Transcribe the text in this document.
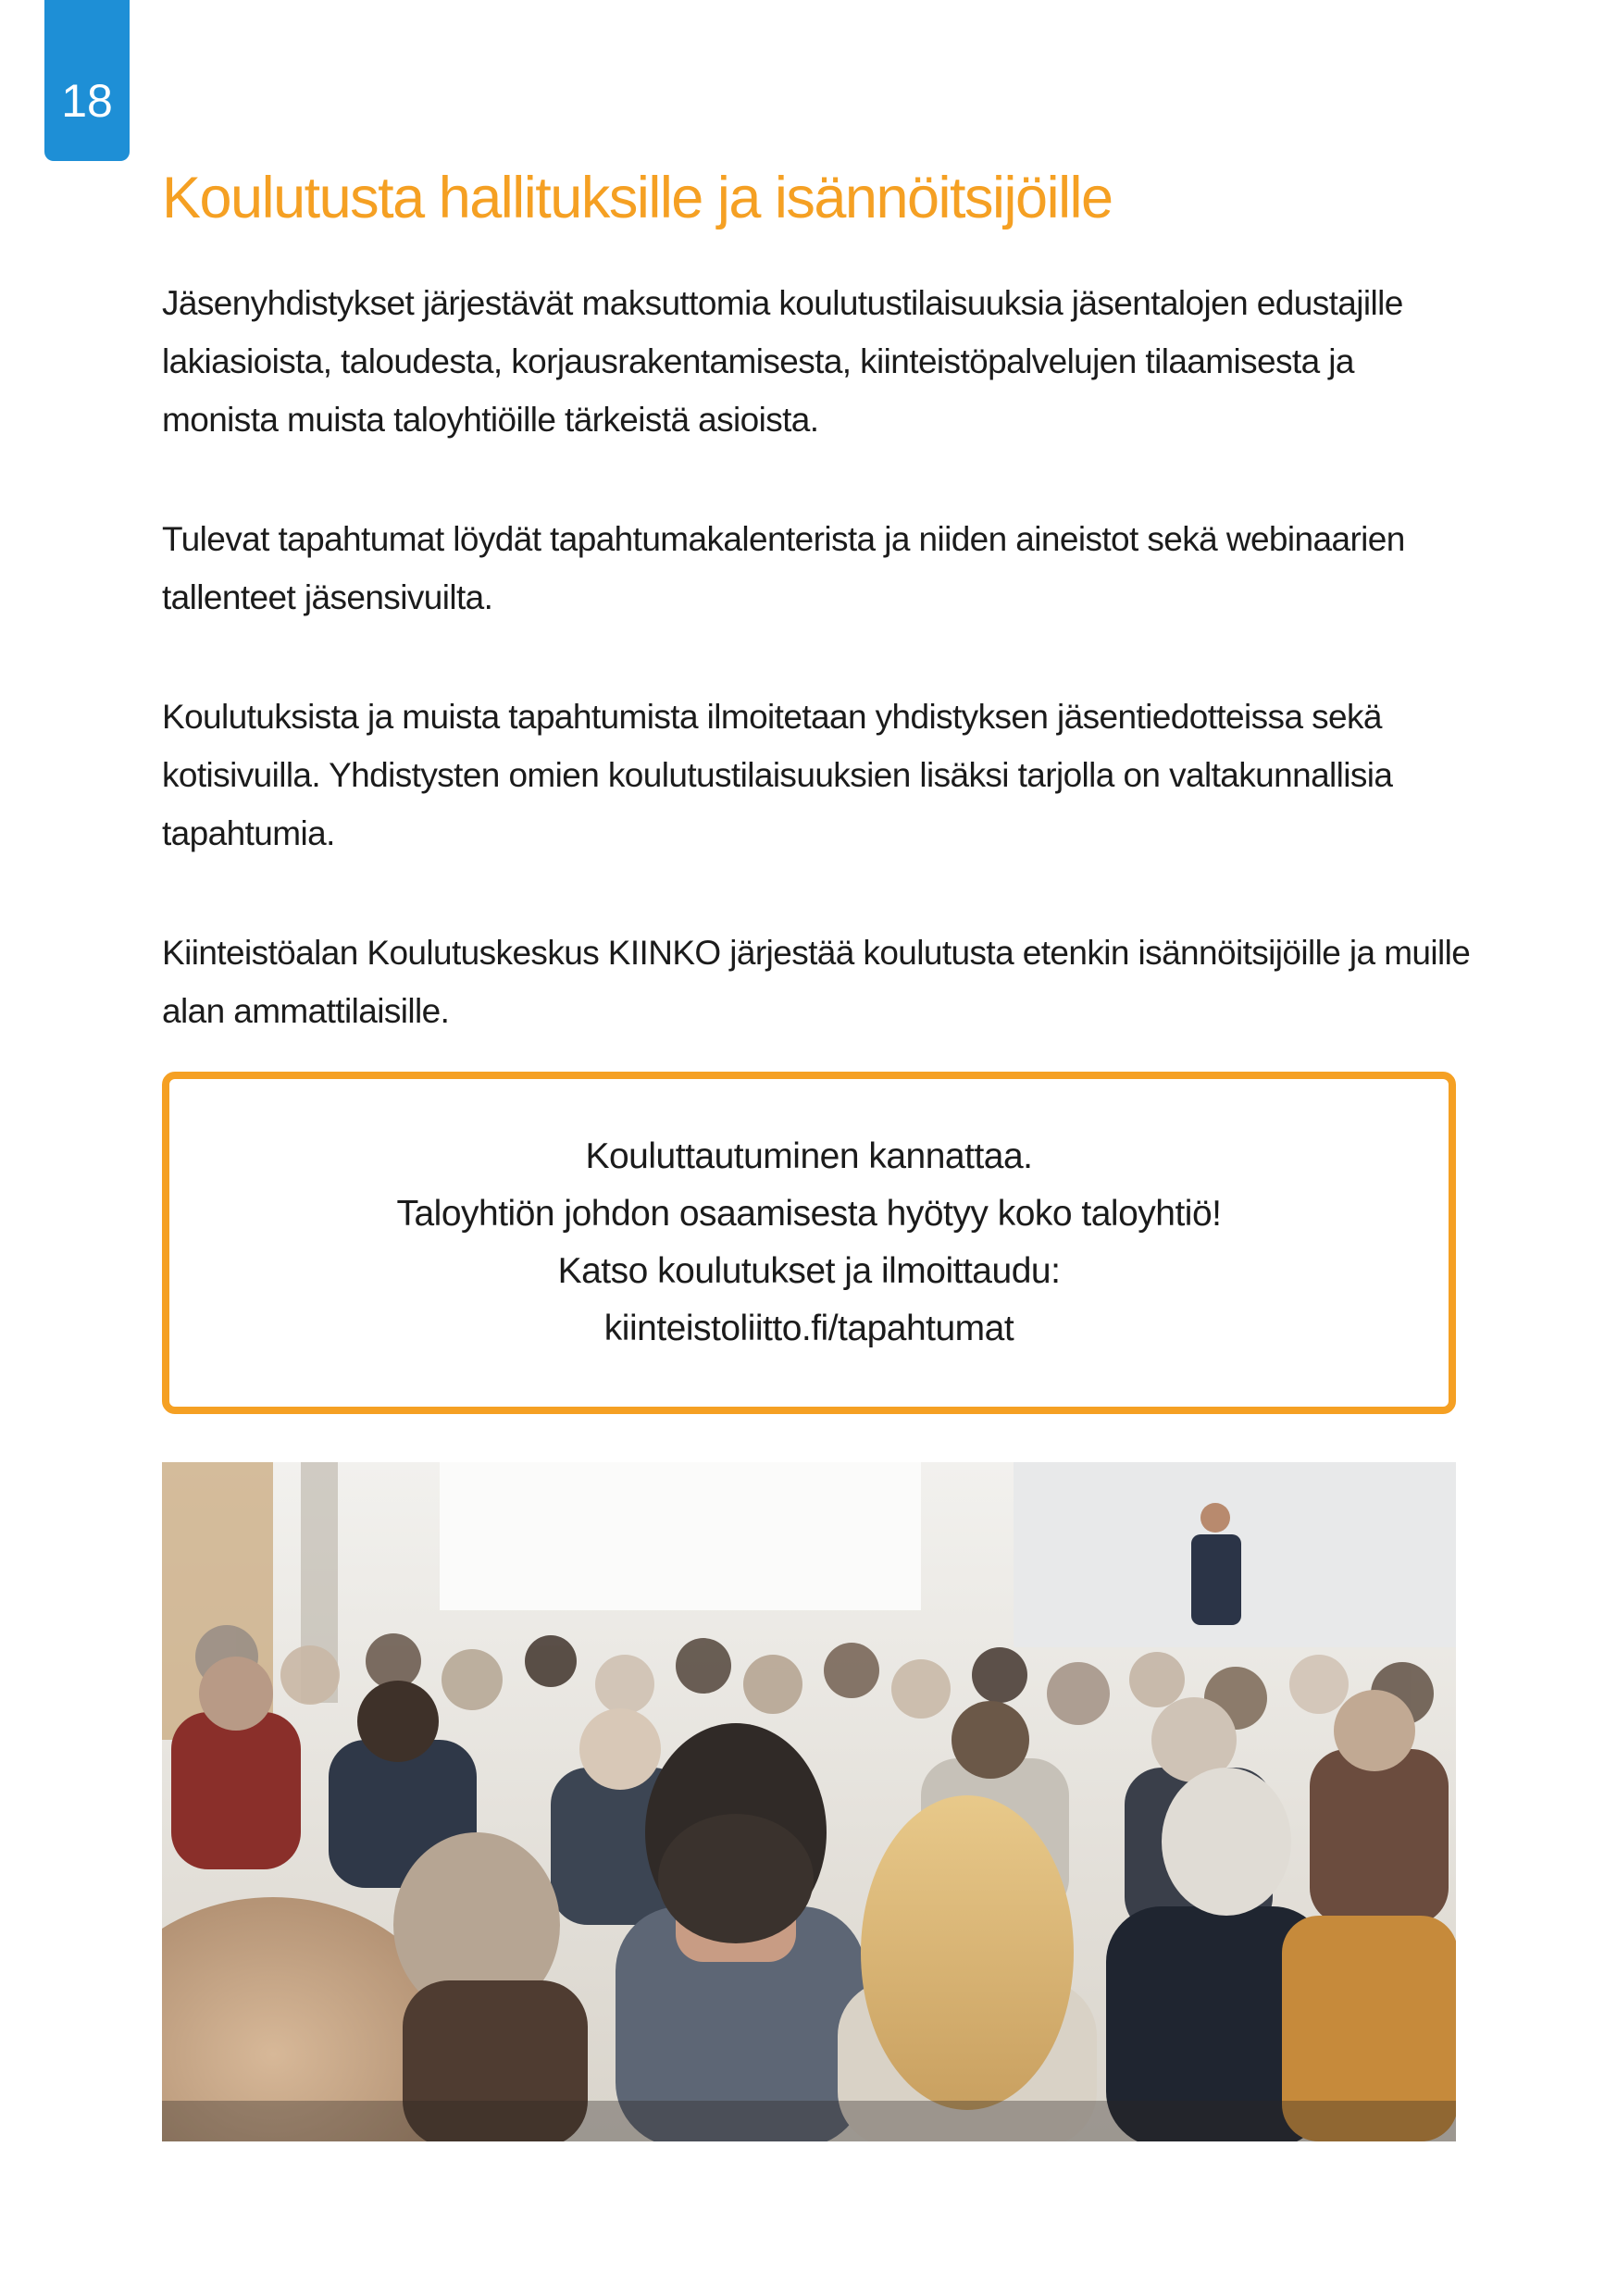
18
Koulutusta hallituksille ja isännöitsijöille

Jäsenyhdistykset järjestävät maksuttomia koulutustilaisuuksia jäsentalojen edustajille lakiasioista, taloudesta, korjausrakentamisesta, kiinteistöpalvelujen tilaamisesta ja monista muista taloyhtiöille tärkeistä asioista.

Tulevat tapahtumat löydät tapahtumakalenterista ja niiden aineistot sekä webinaarien tallenteet jäsensivuilta.

Koulutuksista ja muista tapahtumista ilmoitetaan yhdistyksen jäsentiedotteissa sekä kotisivuilla. Yhdistysten omien koulutustilaisuuksien lisäksi tarjolla on valtakunnallisia tapahtumia.

Kiinteistöalan Koulutuskeskus KIINKO järjestää koulutusta etenkin isännöitsijöille ja muille alan ammattilaisille.

Kouluttautuminen kannattaa.
Taloyhtiön johdon osaamisesta hyötyy koko taloyhtiö!
Katso koulutukset ja ilmoittaudu:
kiinteistoliitto.fi/tapahtumat
